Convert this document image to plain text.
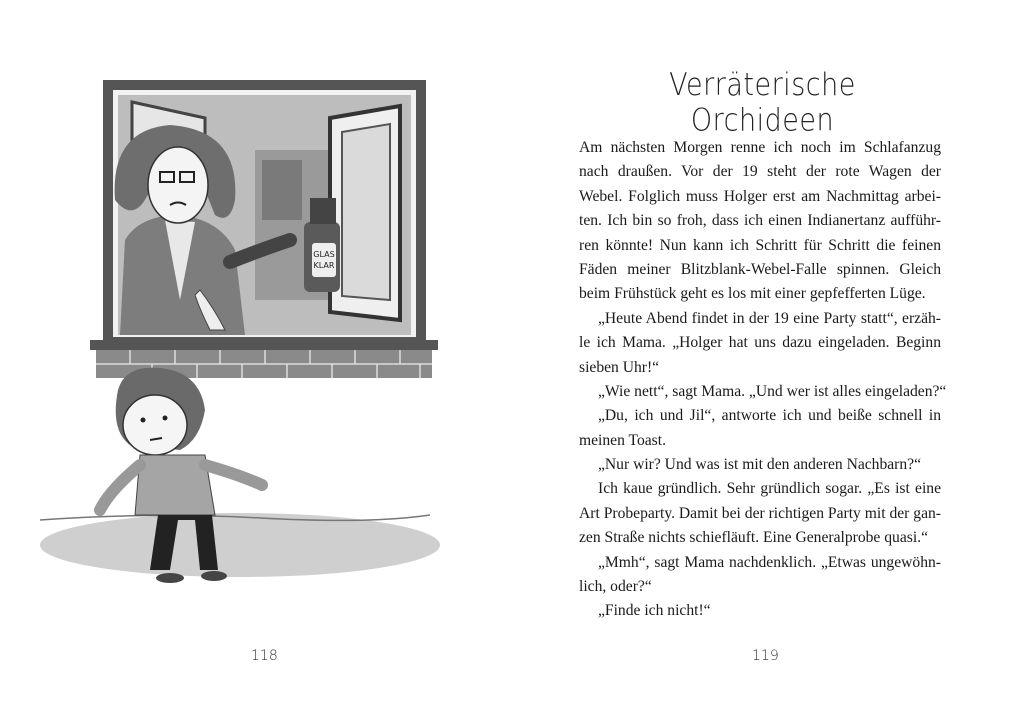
GLAS
KLAR
118
Verräterische Orchideen
Am nächsten Morgen renne ich noch im Schlafanzug
nach draußen. Vor der 19 steht der rote Wagen der
Webel. Folglich muss Holger erst am Nachmittag arbei-
ten. Ich bin so froh, dass ich einen Indianertanz aufführ-
ren könnte! Nun kann ich Schritt für Schritt die feinen
Fäden meiner Blitzblank-Webel-Falle spinnen. Gleich
beim Frühstück geht es los mit einer gepfefferten Lüge.
„Heute Abend findet in der 19 eine Party statt“, erzäh-
le ich Mama. „Holger hat uns dazu eingeladen. Beginn
sieben Uhr!“
„Wie nett“, sagt Mama. „Und wer ist alles eingeladen?“
„Du, ich und Jil“, antworte ich und beiße schnell in
meinen Toast.
„Nur wir? Und was ist mit den anderen Nachbarn?“
Ich kaue gründlich. Sehr gründlich sogar. „Es ist eine
Art Probeparty. Damit bei der richtigen Party mit der gan-
zen Straße nichts schiefläuft. Eine Generalprobe quasi.“
„Mmh“, sagt Mama nachdenklich. „Etwas ungewöhn-
lich, oder?“
„Finde ich nicht!“
119
